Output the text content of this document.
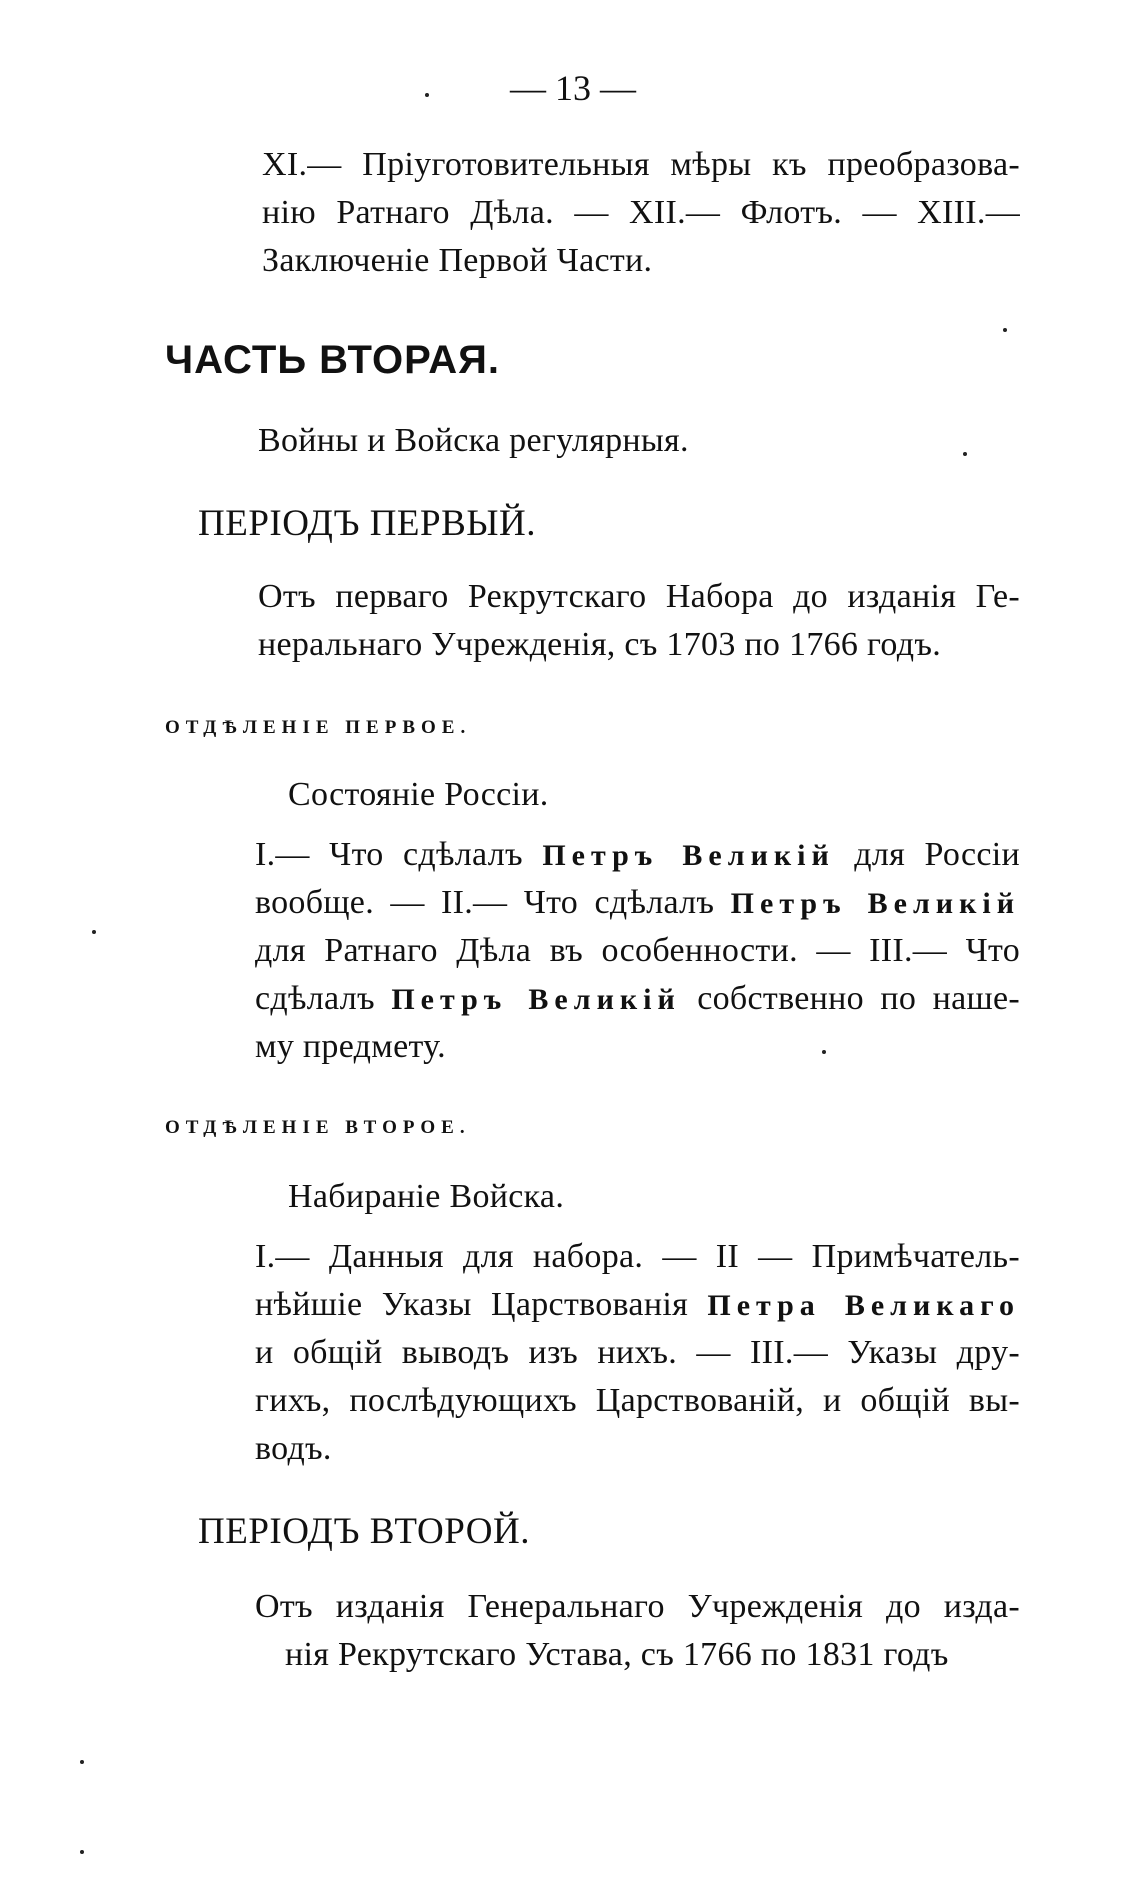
— 13 —
XI.— Пріуготовительныя мѣры къ преобразова-
нію Ратнаго Дѣла. — XII.— Флотъ. — XIII.—
Заключеніе Первой Части.
ЧАСТЬ ВТОРАЯ.
Войны и Войска регулярныя.
ПЕРІОДЪ ПЕРВЫЙ.
Отъ перваго Рекрутскаго Набора до изданія Ге-
неральнаго Учрежденія, съ 1703 по 1766 годъ.
ОТДѢЛЕНІЕ ПЕРВОЕ.
Состояніе Россіи.
I.— Что сдѣлалъ Петръ Великій для Россіи
вообще. — II.— Что сдѣлалъ Петръ Великій
для Ратнаго Дѣла въ особенности. — III.— Что
сдѣлалъ Петръ Великій собственно по наше-
му предмету.
ОТДѢЛЕНІЕ ВТОРОЕ.
Набираніе Войска.
I.— Данныя для набора. — II — Примѣчатель-
нѣйшіе Указы Царствованія Петра Великаго
и общій выводъ изъ нихъ. — III.— Указы дру-
гихъ, послѣдующихъ Царствованій, и общій вы-
водъ.
ПЕРІОДЪ ВТОРОЙ.
Отъ изданія Генеральнаго Учрежденія до изда-
нія Рекрутскаго Устава, съ 1766 по 1831 годъ
